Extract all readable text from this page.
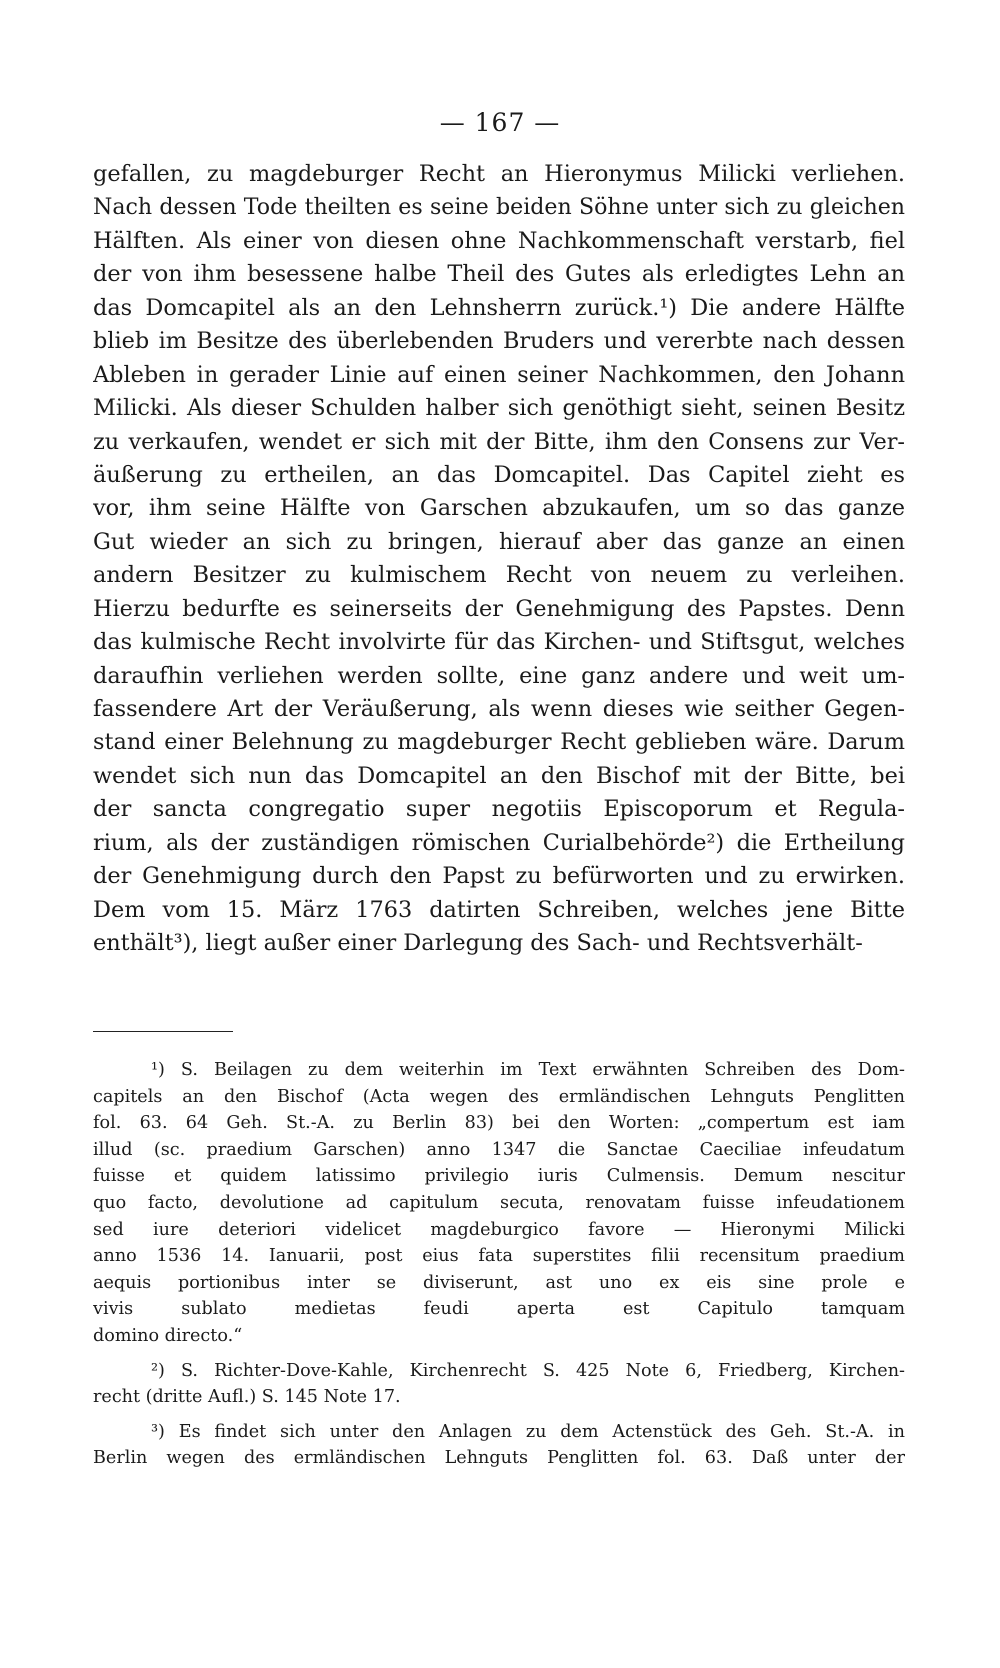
— 167 —
gefallen, zu magdeburger Recht an Hieronymus Milicki verliehen.
Nach dessen Tode theilten es seine beiden Söhne unter sich zu gleichen
Hälften. Als einer von diesen ohne Nachkommenschaft verstarb, fiel
der von ihm besessene halbe Theil des Gutes als erledigtes Lehn an
das Domcapitel als an den Lehnsherrn zurück.¹) Die andere Hälfte
blieb im Besitze des überlebenden Bruders und vererbte nach dessen
Ableben in gerader Linie auf einen seiner Nachkommen, den Johann
Milicki. Als dieser Schulden halber sich genöthigt sieht, seinen Besitz
zu verkaufen, wendet er sich mit der Bitte, ihm den Consens zur Ver-
äußerung zu ertheilen, an das Domcapitel. Das Capitel zieht es
vor, ihm seine Hälfte von Garschen abzukaufen, um so das ganze
Gut wieder an sich zu bringen, hierauf aber das ganze an einen
andern Besitzer zu kulmischem Recht von neuem zu verleihen.
Hierzu bedurfte es seinerseits der Genehmigung des Papstes. Denn
das kulmische Recht involvirte für das Kirchen- und Stiftsgut, welches
daraufhin verliehen werden sollte, eine ganz andere und weit um-
fassendere Art der Veräußerung, als wenn dieses wie seither Gegen-
stand einer Belehnung zu magdeburger Recht geblieben wäre. Darum
wendet sich nun das Domcapitel an den Bischof mit der Bitte, bei
der sancta congregatio super negotiis Episcoporum et Regula-
rium, als der zuständigen römischen Curialbehörde²) die Ertheilung
der Genehmigung durch den Papst zu befürworten und zu erwirken.
Dem vom 15. März 1763 datirten Schreiben, welches jene Bitte
enthält³), liegt außer einer Darlegung des Sach- und Rechtsverhält-
¹) S. Beilagen zu dem weiterhin im Text erwähnten Schreiben des Dom-
capitels an den Bischof (Acta wegen des ermländischen Lehnguts Penglitten
fol. 63. 64 Geh. St.-A. zu Berlin 83) bei den Worten: „compertum est iam
illud (sc. praedium Garschen) anno 1347 die Sanctae Caeciliae infeudatum
fuisse et quidem latissimo privilegio iuris Culmensis. Demum nescitur
quo facto, devolutione ad capitulum secuta, renovatam fuisse infeudationem
sed iure deteriori videlicet magdeburgico favore — Hieronymi Milicki
anno 1536 14. Ianuarii, post eius fata superstites filii recensitum praedium
aequis portionibus inter se diviserunt, ast uno ex eis sine prole e
vivis sublato medietas feudi aperta est Capitulo tamquam
domino directo.“
²) S. Richter-Dove-Kahle, Kirchenrecht S. 425 Note 6, Friedberg, Kirchen-
recht (dritte Aufl.) S. 145 Note 17.
³) Es findet sich unter den Anlagen zu dem Actenstück des Geh. St.-A. in
Berlin wegen des ermländischen Lehnguts Penglitten fol. 63. Daß unter der
